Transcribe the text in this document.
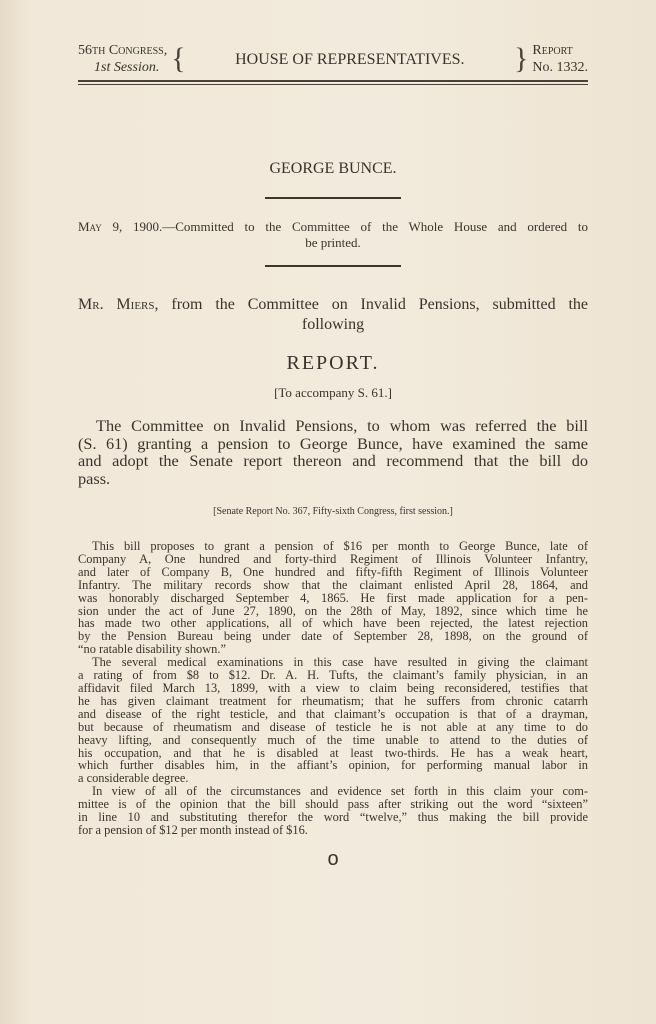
56th Congress,
1st Session. {	HOUSE OF REPRESENTATIVES.	} Report
No. 1332.
GEORGE BUNCE.
May 9, 1900.—Committed to the Committee of the Whole House and ordered to
be printed.
Mr. Miers, from the Committee on Invalid Pensions, submitted the
following
REPORT.
[To accompany S. 61.]
The Committee on Invalid Pensions, to whom was referred the bill
(S. 61) granting a pension to George Bunce, have examined the same
and adopt the Senate report thereon and recommend that the bill do
pass.
[Senate Report No. 367, Fifty-sixth Congress, first session.]
This bill proposes to grant a pension of $16 per month to George Bunce, late of
Company A, One hundred and forty-third Regiment of Illinois Volunteer Infantry,
and later of Company B, One hundred and fifty-fifth Regiment of Illinois Volunteer
Infantry. The military records show that the claimant enlisted April 28, 1864, and
was honorably discharged September 4, 1865. He first made application for a pen-
sion under the act of June 27, 1890, on the 28th of May, 1892, since which time he
has made two other applications, all of which have been rejected, the latest rejection
by the Pension Bureau being under date of September 28, 1898, on the ground of
“no ratable disability shown.”
The several medical examinations in this case have resulted in giving the claimant
a rating of from $8 to $12. Dr. A. H. Tufts, the claimant’s family physician, in an
affidavit filed March 13, 1899, with a view to claim being reconsidered, testifies that
he has given claimant treatment for rheumatism; that he suffers from chronic catarrh
and disease of the right testicle, and that claimant’s occupation is that of a drayman,
but because of rheumatism and disease of testicle he is not able at any time to do
heavy lifting, and consequently much of the time unable to attend to the duties of
his occupation, and that he is disabled at least two-thirds. He has a weak heart,
which further disables him, in the affiant’s opinion, for performing manual labor in
a considerable degree.
In view of all of the circumstances and evidence set forth in this claim your com-
mittee is of the opinion that the bill should pass after striking out the word “sixteen”
in line 10 and substituting therefor the word “twelve,” thus making the bill provide
for a pension of $12 per month instead of $16.
o
